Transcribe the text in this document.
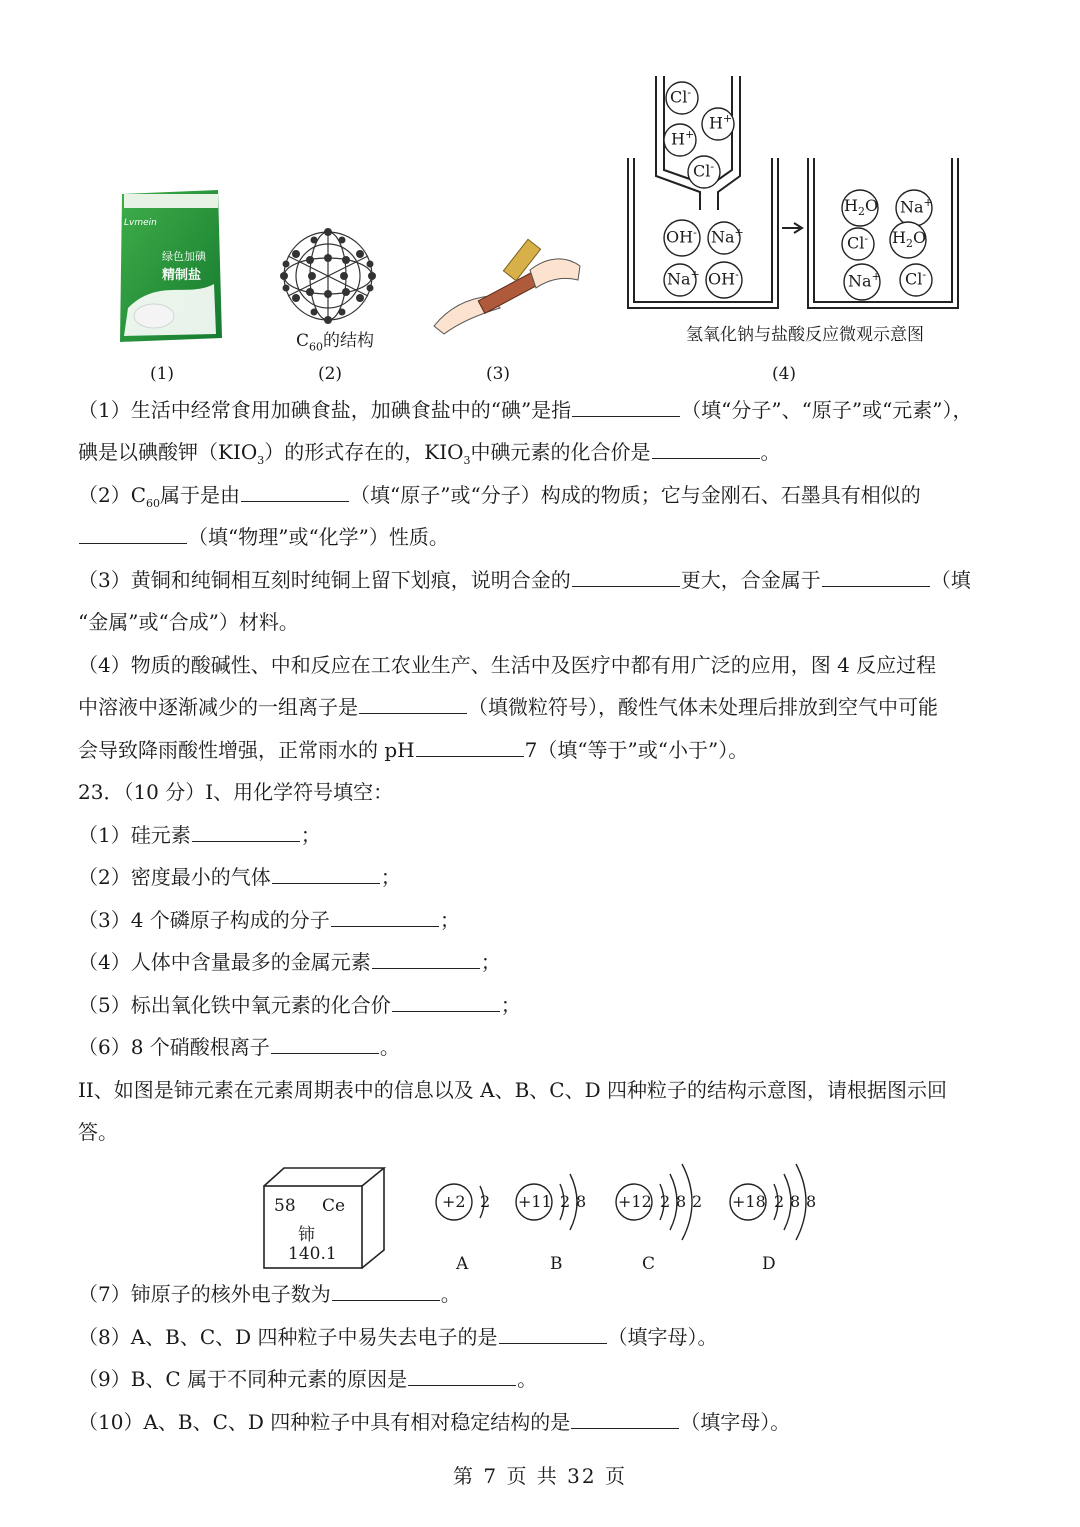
绿色加碘
精制盐
Lvmein
$C_{60}$的结构
Cl-
H+
H+
Cl-
OH- Na+
Na+ OH-
$H_2O$ Na+
Cl- $H_2O$
Na+ Cl-
氢氧化钠与盐酸反应微观示意图
(1)	(2)	(3)	(4)
（1）生活中经常食用加碘食盐，加碘食盐中的“碘”是指	（填“分子”、“原子”或“元素”），
碘是以碘酸钾$(KIO_3)$的形式存在的，$KIO_3$中碘元素的化合价是	。
$(2)C_{60}$属于是由	（填“原子”或“分子）构成的物质；它与金刚石、石墨具有相似的
（填“物理”或“化学”）性质。
（3）黄铜和纯铜相互刻时纯铜上留下划痕，说明合金的	更大，合金属于	（填
“金属”或“合成”）材料。
（4）物质的酸碱性、中和反应在工农业生产、生活中及医疗中都有用广泛的应用，图 4 反应过程
中溶液中逐渐减少的一组离子是	（填微粒符号），酸性气体未处理后排放到空气中可能
会导致降雨酸性增强，正常雨水的 pH	7（填“等于”或“小于”）。
23．（10 分）I、用化学符号填空：
（1）硅元素	；
（2）密度最小的气体	；
（3）4 个磷原子构成的分子	；
（4）人体中含量最多的金属元素	；
（5）标出氧化铁中氧元素的化合价	；
（6）8 个硝酸根离子	。
II、如图是铈元素在元素周期表中的信息以及 A、B、C、D 四种粒子的结构示意图，请根据图示回
答。
58 Ce
铈
140.1
+2 2 +11 2 8 +12 2 8 2 +18 2 8 8
A	B	C	D
（7）铈原子的核外电子数为	。
（8）A、B、C、D 四种粒子中易失去电子的是	（填字母）。
（9）B、C 属于不同种元素的原因是	。
（10）A、B、C、D 四种粒子中具有相对稳定结构的是	（填字母）。
第 7 页 共 32 页
